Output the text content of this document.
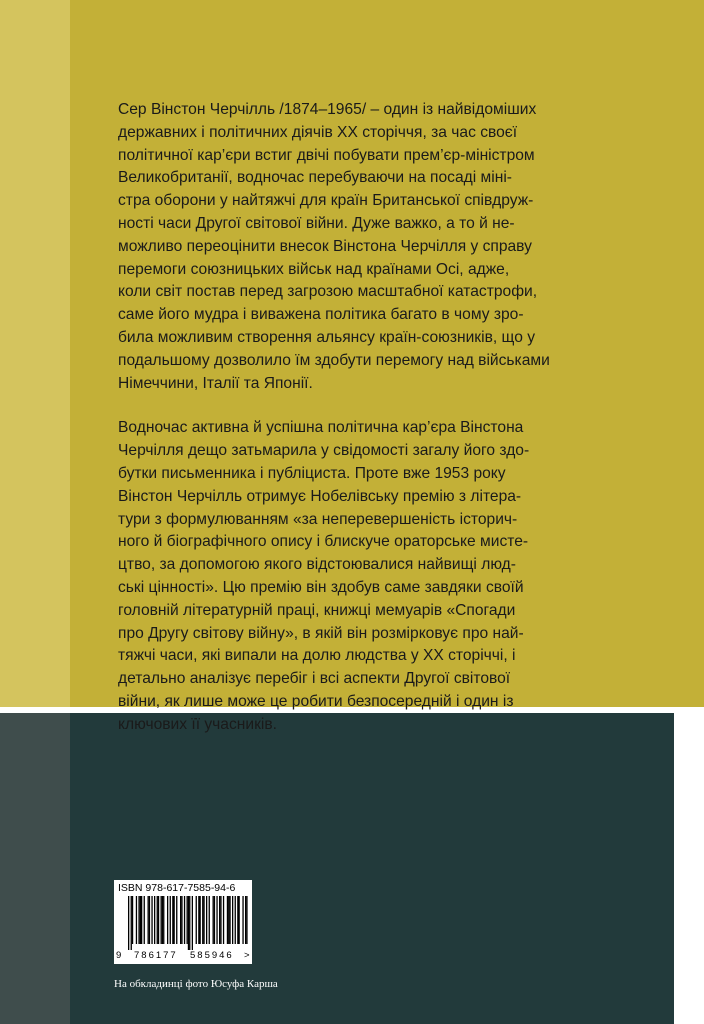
Сер Вінстон Черчілль /1874–1965/ – один із найвідоміших
державних і політичних діячів XX сторіччя, за час своєї
політичної кар’єри встиг двічі побувати прем’єр-міністром
Великобританії, водночас перебуваючи на посаді міні-
стра оборони у найтяжчі для країн Британської співдруж-
ності часи Другої світової війни. Дуже важко, а то й не-
можливо переоцінити внесок Вінстона Черчілля у справу
перемоги союзницьких військ над країнами Осі, адже,
коли світ постав перед загрозою масштабної катастрофи,
саме його мудра і виважена політика багато в чому зро-
била можливим створення альянсу країн-союзників, що у
подальшому дозволило їм здобути перемогу над військами
Німеччини, Італії та Японії.

Водночас активна й успішна політична кар’єра Вінстона
Черчілля дещо затьмарила у свідомості загалу його здо-
бутки письменника і публіциста. Проте вже 1953 року
Вінстон Черчілль отримує Нобелівську премію з літера-
тури з формулюванням «за неперевершеність історич-
ного й біографічного опису і блискуче ораторське мисте-
цтво, за допомогою якого відстоювалися найвищі люд-
ські цінності». Цю премію він здобув саме завдяки своїй
головній літературній праці, книжці мемуарів «Спогади
про Другу світову війну», в якій він розмірковує про най-
тяжчі часи, які випали на долю людства у XX сторіччі, і
детально аналізує перебіг і всі аспекти Другої світової
війни, як лише може це робити безпосередній і один із
ключових її учасників.

ISBN 978-617-7585-94-6
9 786177 585946 >
На обкладинці фото Юсуфа Карша
